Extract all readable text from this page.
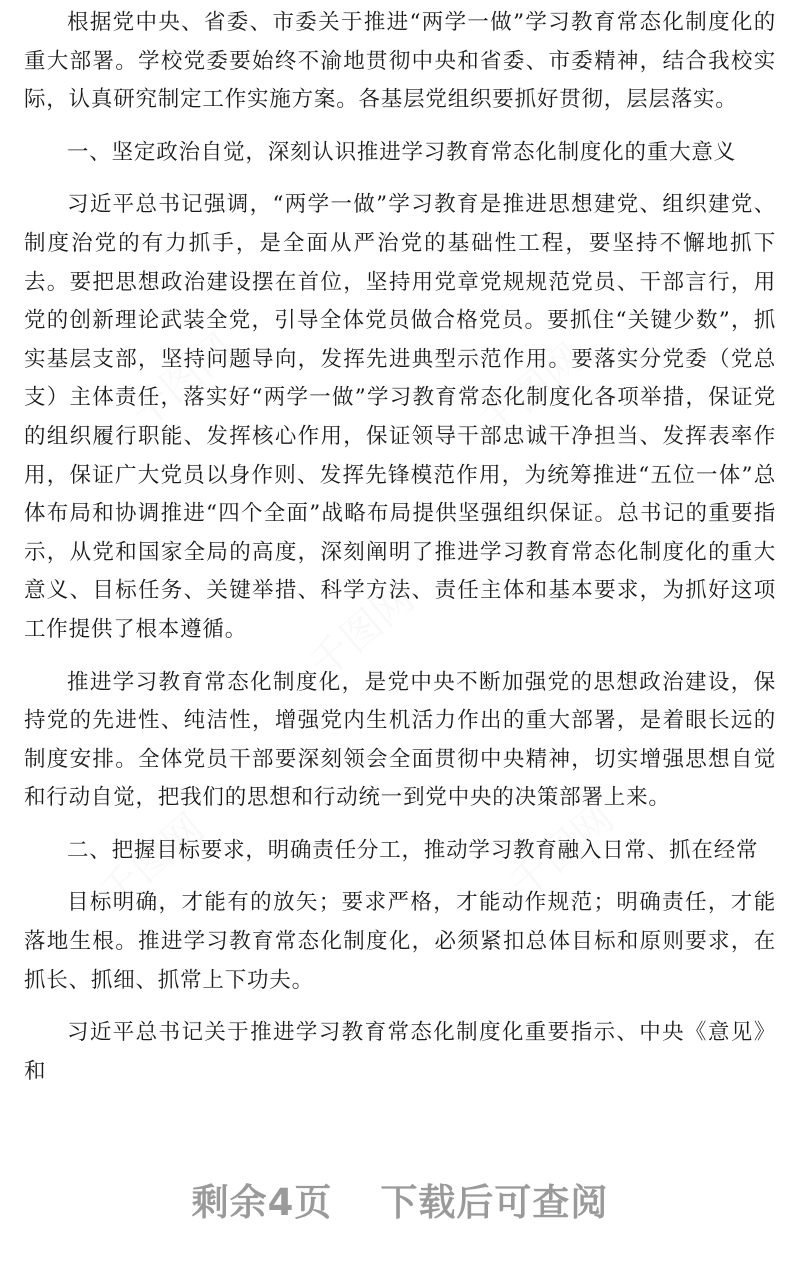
千图网	千图网
千图网
千图网	千图网

根据党中央、省委、市委关于推进“两学一做”学习教育常态化制度化的重大部署。学校党委要始终不渝地贯彻中央和省委、市委精神，结合我校实际，认真研究制定工作实施方案。各基层党组织要抓好贯彻，层层落实。

一、坚定政治自觉，深刻认识推进学习教育常态化制度化的重大意义

习近平总书记强调，“两学一做”学习教育是推进思想建党、组织建党、制度治党的有力抓手，是全面从严治党的基础性工程，要坚持不懈地抓下去。要把思想政治建设摆在首位，坚持用党章党规规范党员、干部言行，用党的创新理论武装全党，引导全体党员做合格党员。要抓住“关键少数”，抓实基层支部，坚持问题导向，发挥先进典型示范作用。要落实分党委（党总支）主体责任，落实好“两学一做”学习教育常态化制度化各项举措，保证党的组织履行职能、发挥核心作用，保证领导干部忠诚干净担当、发挥表率作用，保证广大党员以身作则、发挥先锋模范作用，为统筹推进“五位一体”总体布局和协调推进“四个全面”战略布局提供坚强组织保证。总书记的重要指示，从党和国家全局的高度，深刻阐明了推进学习教育常态化制度化的重大意义、目标任务、关键举措、科学方法、责任主体和基本要求，为抓好这项工作提供了根本遵循。

推进学习教育常态化制度化，是党中央不断加强党的思想政治建设，保持党的先进性、纯洁性，增强党内生机活力作出的重大部署，是着眼长远的制度安排。全体党员干部要深刻领会全面贯彻中央精神，切实增强思想自觉和行动自觉，把我们的思想和行动统一到党中央的决策部署上来。

二、把握目标要求，明确责任分工，推动学习教育融入日常、抓在经常

目标明确，才能有的放矢；要求严格，才能动作规范；明确责任，才能落地生根。推进学习教育常态化制度化，必须紧扣总体目标和原则要求，在抓长、抓细、抓常上下功夫。

习近平总书记关于推进学习教育常态化制度化重要指示、中央《意见》和

剩余4页 下载后可查阅
